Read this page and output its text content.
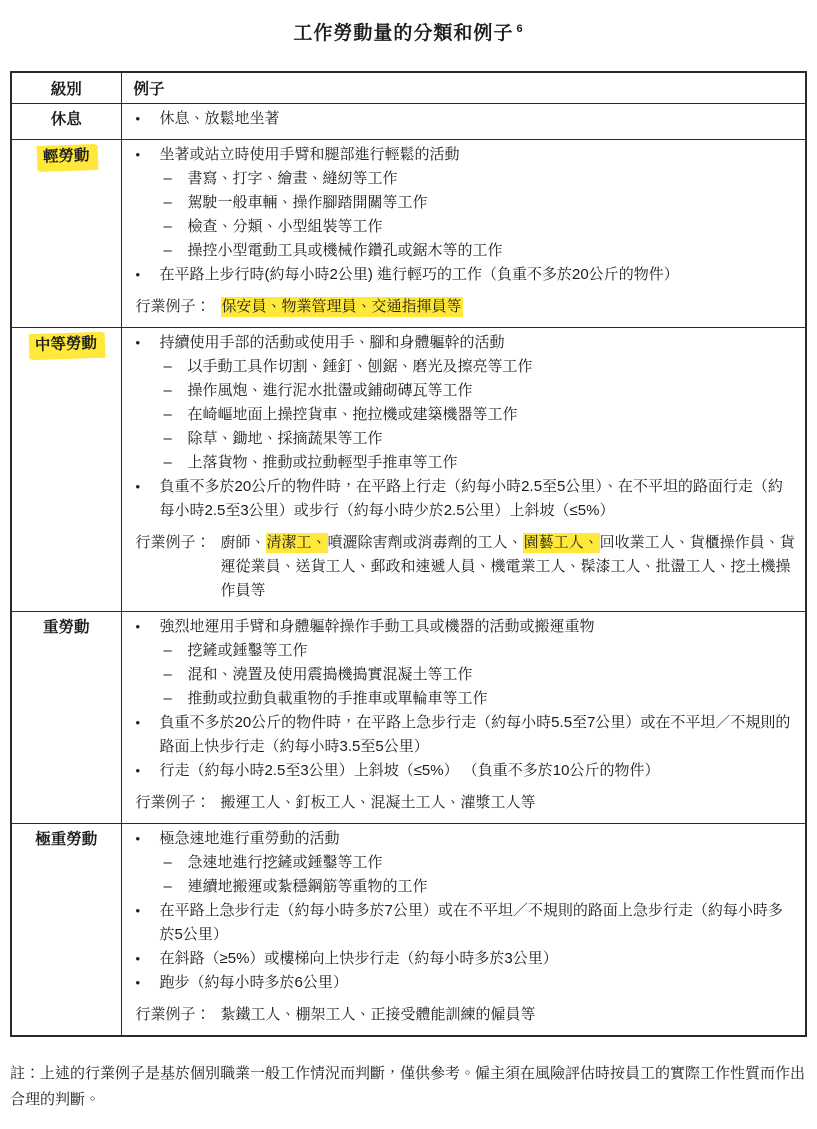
工作勞動量的分類和例子 $^6$
級別	例子
休息	• 休息、放鬆地坐著

輕勞動	•	坐著或站立時使用手臂和腿部進行輕鬆的活動
–	書寫、打字、繪畫、縫紉等工作
–	駕駛一般車輛、操作腳踏開關等工作
–	檢查、分類、小型組裝等工作
–	操控小型電動工具或機械作鑽孔或鋸木等的工作
•	在平路上步行時(約每小時2公里) 進行輕巧的工作（負重不多於20公斤的物件）
行業例子： 保安員、物業管理員、交通指揮員等

中等勞動	•	持續使用手部的活動或使用手、腳和身體軀幹的活動
–	以手動工具作切割、錘釘、刨鋸、磨光及擦亮等工作
–	操作風炮、進行泥水批盪或鋪砌磚瓦等工作
–	在崎嶇地面上操控貨車、拖拉機或建築機器等工作
–	除草、鋤地、採摘蔬果等工作
–	上落貨物、推動或拉動輕型手推車等工作
•	負重不多於20公斤的物件時，在平路上行走（約每小時2.5至5公里）、在不平坦的路面行走（約每小時2.5至3公里）或步行（約每小時少於2.5公里）上斜坡（≤5%）
行業例子： 廚師、清潔工、噴灑除害劑或消毒劑的工人、園藝工人、回收業工人、貨櫃操作員、貨運從業員、送貨工人、郵政和速遞人員、機電業工人、髹漆工人、批盪工人、挖土機操作員等

重勞動	•	強烈地運用手臂和身體軀幹操作手動工具或機器的活動或搬運重物
–	挖鏟或錘鑿等工作
–	混和、澆置及使用震搗機搗實混凝土等工作
–	推動或拉動負載重物的手推車或單輪車等工作
•	負重不多於20公斤的物件時，在平路上急步行走（約每小時5.5至7公里）或在不平坦／不規則的路面上快步行走（約每小時3.5至5公里）
•	行走（約每小時2.5至3公里）上斜坡（≤5%） （負重不多於10公斤的物件）
行業例子： 搬運工人、釘板工人、混凝土工人、灌漿工人等

極重勞動	•	極急速地進行重勞動的活動
–	急速地進行挖鏟或錘鑿等工作
–	連續地搬運或紮穩鋼筋等重物的工作
•	在平路上急步行走（約每小時多於7公里）或在不平坦／不規則的路面上急步行走（約每小時多於5公里）
•	在斜路（≥5%）或樓梯向上快步行走（約每小時多於3公里）
•	跑步（約每小時多於6公里）
行業例子： 紮鐵工人、棚架工人、正接受體能訓練的僱員等

註：上述的行業例子是基於個別職業一般工作情況而判斷，僅供參考。僱主須在風險評估時按員工的實際工作性質而作出合理的判斷。
